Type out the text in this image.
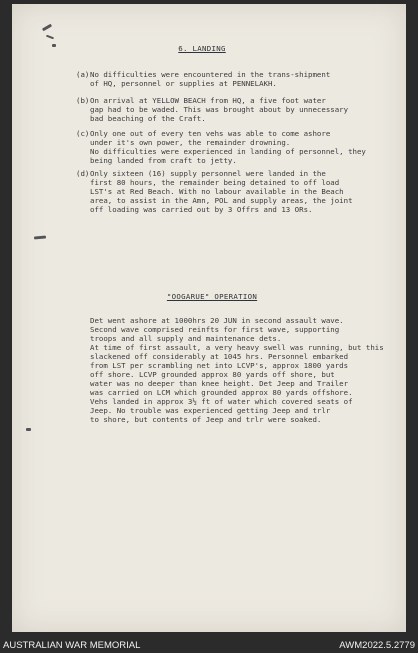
6. LANDING
(a) No difficulties were encountered in the trans-shipment
of HQ, personnel or supplies at PENNELAKH.
(b) On arrival at YELLOW BEACH from HQ, a five foot water
gap had to be waded. This was brought about by unnecessary
bad beaching of the Craft.
(c) Only one out of every ten vehs was able to come ashore
under it's own power, the remainder drowning.
No difficulties were experienced in landing of personnel, they
being landed from craft to jetty.
(d) Only sixteen (16) supply personnel were landed in the
first 80 hours, the remainder being detained to off load
LST's at Red Beach. With no labour available in the Beach
area, to assist in the Amn, POL and supply areas, the joint
off loading was carried out by 3 Offrs and 13 ORs.
"OOGARUE" OPERATION
Det went ashore at 1000hrs 20 JUN in second assault wave.
Second wave comprised reinfts for first wave, supporting
troops and all supply and maintenance dets.
At time of first assault, a very heavy swell was running, but this
slackened off considerably at 1045 hrs. Personnel embarked
from LST per scrambling net into LCVP's, approx 1800 yards
off shore. LCVP grounded approx 80 yards off shore, but
water was no deeper than knee height. Det Jeep and Trailer
was carried on LCM which grounded approx 80 yards offshore.
Vehs landed in approx 3½ ft of water which covered seats of
Jeep. No trouble was experienced getting Jeep and trlr
to shore, but contents of Jeep and trlr were soaked.
AUSTRALIAN WAR MEMORIAL	AWM2022.5.2779
